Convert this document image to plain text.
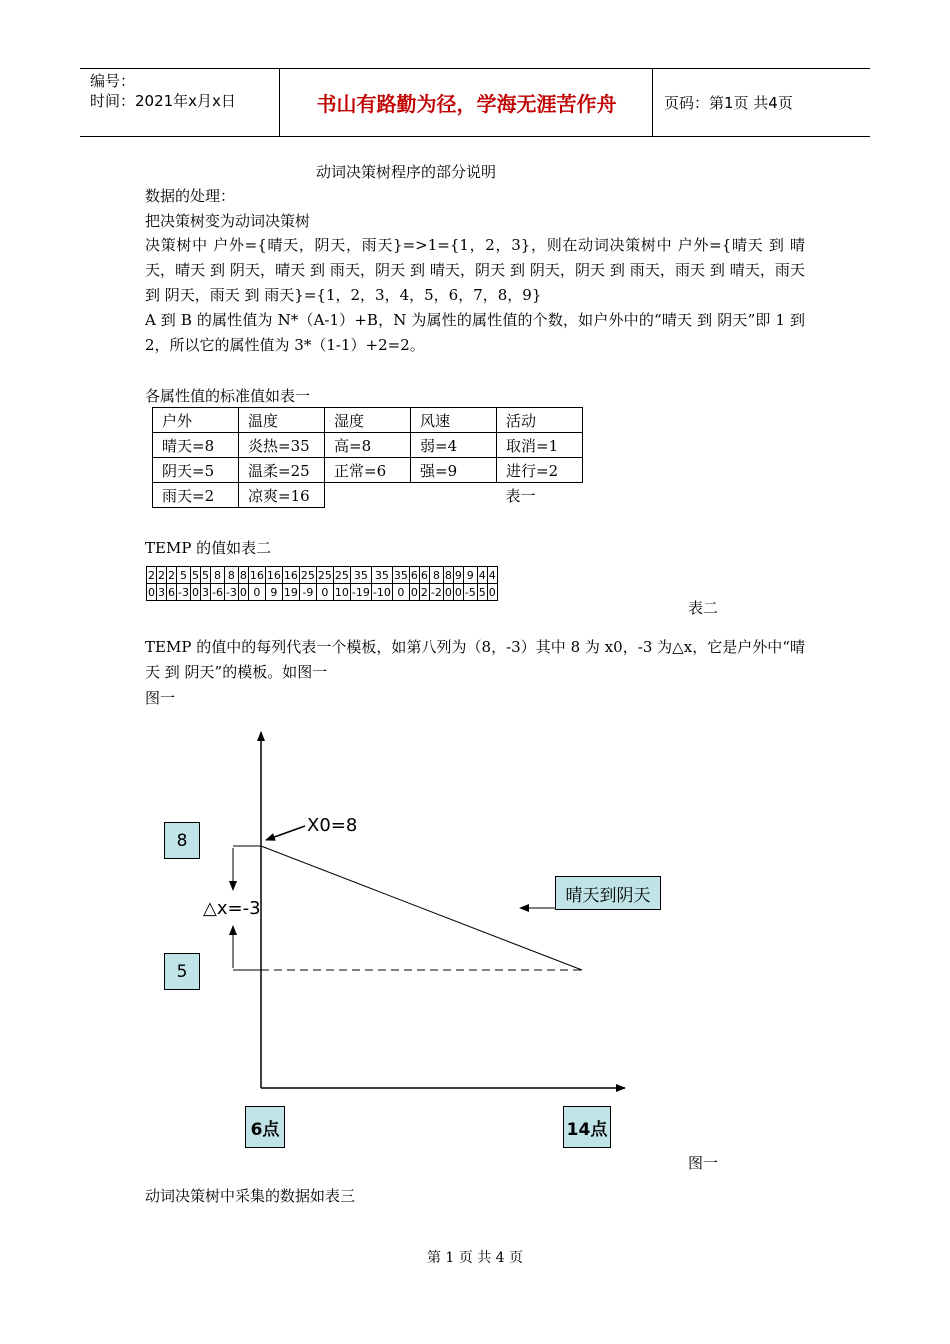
编号：
时间：2021年x月x日	书山有路勤为径，学海无涯苦作舟	页码：第1页 共4页
动词决策树程序的部分说明
数据的处理：
把决策树变为动词决策树
决策树中 户外={晴天，阴天，雨天}=>1={1，2，3}，则在动词决策树中 户外={晴天 到 晴天，晴天 到 阴天，晴天 到 雨天，阴天 到 晴天，阴天 到 阴天，阴天 到 雨天，雨天 到 晴天，雨天 到 阴天，雨天 到 雨天}={1，2，3，4，5，6，7，8，9}
A 到 B 的属性值为 N*（A-1）+B，N 为属性的属性值的个数，如户外中的“晴天 到 阴天”即 1 到 2，所以它的属性值为 3*（1-1）+2=2。
各属性值的标准值如表一
户外	温度	湿度	风速	活动
晴天=8	炎热=35	高=8	弱=4	取消=1
阴天=5	温柔=25	正常=6	强=9	进行=2
雨天=2	凉爽=16			表一
TEMP 的值如表二
2	2	2	5	5	5	8	8	8	16	16	16	25	25	25	35	35	35	6	6	8	8	9	9	4	4
0	3	6	-3	0	3	-6	-3	0	0	9	19	-9	0	10	-19	-10	0	0	2	-2	0	0	-5	5	0
表二
TEMP 的值中的每列代表一个模板，如第八列为（8，-3）其中 8 为 x0，-3 为△x，它是户外中“晴天 到 阴天”的模板。如图一
图一
8
5
6点	14点
晴天到阴天
X0=8
△x=-3
图一
动词决策树中采集的数据如表三
第 1 页 共 4 页
